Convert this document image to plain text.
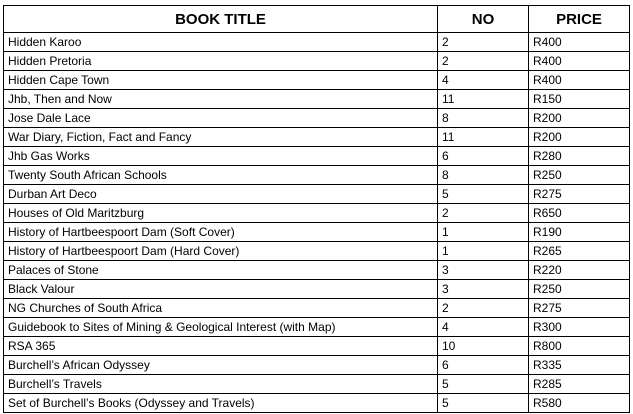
BOOK TITLE	NO	PRICE
Hidden Karoo	2	R400
Hidden Pretoria	2	R400
Hidden Cape Town	4	R400
Jhb, Then and Now	11	R150
Jose Dale Lace	8	R200
War Diary, Fiction, Fact and Fancy	11	R200
Jhb Gas Works	6	R280
Twenty South African Schools	8	R250
Durban Art Deco	5	R275
Houses of Old Maritzburg	2	R650
History of Hartbeespoort Dam (Soft Cover)	1	R190
History of Hartbeespoort Dam (Hard Cover)	1	R265
Palaces of Stone	3	R220
Black Valour	3	R250
NG Churches of South Africa	2	R275
Guidebook to Sites of Mining & Geological Interest (with Map)	4	R300
RSA 365	10	R800
Burchell’s African Odyssey	6	R335
Burchell’s Travels	5	R285
Set of Burchell’s Books (Odyssey and Travels)	5	R580
